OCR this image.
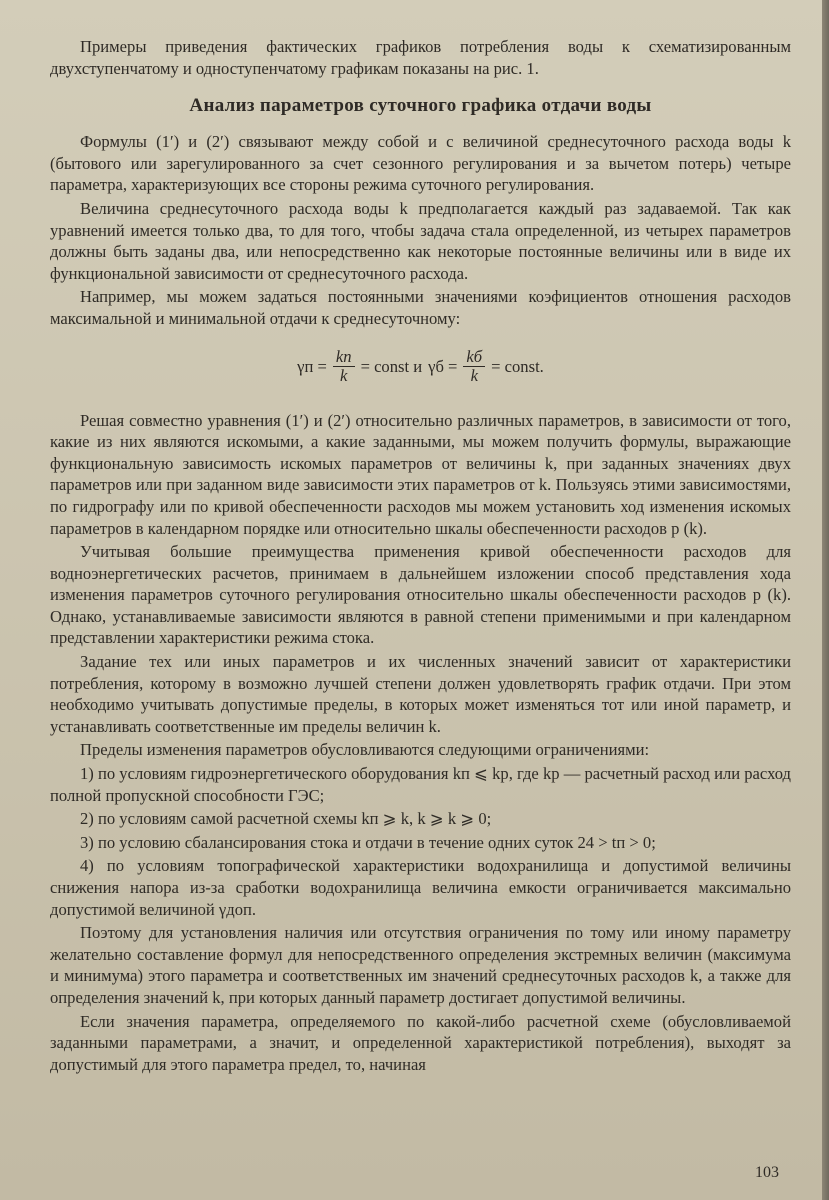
Примеры приведения фактических графиков потребления воды к схематизированным двухступенчатому и одноступенчатому графикам показаны на рис. 1.

Анализ параметров суточного графика отдачи воды

Формулы (1′) и (2′) связывают между собой и с величиной среднесуточного расхода воды k (бытового или зарегулированного за счет сезонного регулирования и за вычетом потерь) четыре параметра, характеризующих все стороны режима суточного регулирования.

Величина среднесуточного расхода воды k предполагается каждый раз задаваемой. Так как уравнений имеется только два, то для того, чтобы задача стала определенной, из четырех параметров должны быть заданы два, или непосредственно как некоторые постоянные величины или в виде их функциональной зависимости от среднесуточного расхода.

Например, мы можем задаться постоянными значениями коэфициентов отношения расходов максимальной и минимальной отдачи к среднесуточному:

$\gamma п = \frac{kп}{k}$ = const и $\gamma б = \frac{kб}{k}$ = const.

Решая совместно уравнения (1′) и (2′) относительно различных параметров, в зависимости от того, какие из них являются искомыми, а какие заданными, мы можем получить формулы, выражающие функциональную зависимость искомых параметров от величины k, при заданных значениях двух параметров или при заданном виде зависимости этих параметров от k. Пользуясь этими зависимостями, по гидрографу или по кривой обеспеченности расходов мы можем установить ход изменения искомых параметров в календарном порядке или относительно шкалы обеспеченности расходов p (k).

Учитывая большие преимущества применения кривой обеспеченности расходов для водноэнергетических расчетов, принимаем в дальнейшем изложении способ представления хода изменения параметров суточного регулирования относительно шкалы обеспеченности расходов p (k). Однако, устанавливаемые зависимости являются в равной степени применимыми и при календарном представлении характеристики режима стока.

Задание тех или иных параметров и их численных значений зависит от характеристики потребления, которому в возможно лучшей степени должен удовлетворять график отдачи. При этом необходимо учитывать допустимые пределы, в которых может изменяться тот или иной параметр, и устанавливать соответственные им пределы величин k.

Пределы изменения параметров обусловливаются следующими ограничениями:

1) по условиям гидроэнергетического оборудования kп ⩽ kр, где kр — расчетный расход или расход полной пропускной способности ГЭС;

2) по условиям самой расчетной схемы kп ⩾ k, k ⩾ k ⩾ 0;

3) по условию сбалансирования стока и отдачи в течение одних суток 24 > tп > 0;

4) по условиям топографической характеристики водохранилища и допустимой величины снижения напора из-за сработки водохранилища величина емкости ограничивается максимально допустимой величиной γдоп.

Поэтому для установления наличия или отсутствия ограничения по тому или иному параметру желательно составление формул для непосредственного определения экстремных величин (максимума и минимума) этого параметра и соответственных им значений среднесуточных расходов k, а также для определения значений k, при которых данный параметр достигает допустимой величины.

Если значения параметра, определяемого по какой-либо расчетной схеме (обусловливаемой заданными параметрами, а значит, и определенной характеристикой потребления), выходят за допустимый для этого параметра предел, то, начиная

103
